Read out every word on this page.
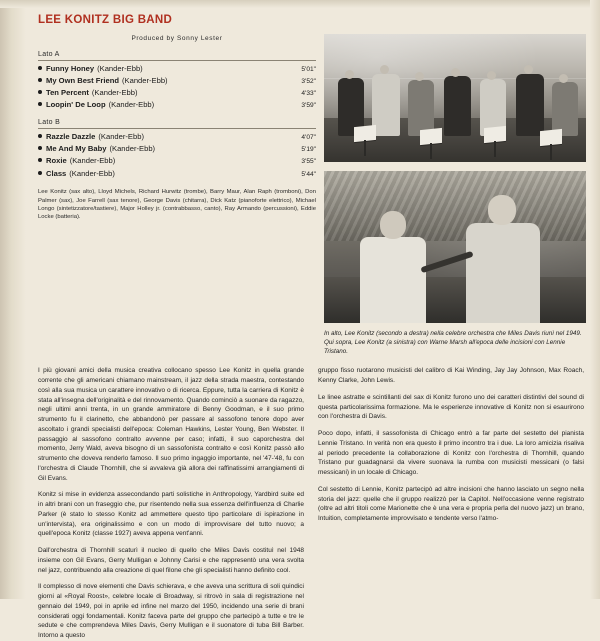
LEE KONITZ BIG BAND
Produced by Sonny Lester
Lato A
Funny Honey (Kander-Ebb)	5'01"
My Own Best Friend (Kander-Ebb)	3'52"
Ten Percent (Kander-Ebb)	4'33"
Loopin' De Loop (Kander-Ebb)	3'59"
Lato B
Razzle Dazzle (Kander-Ebb)	4'07"
Me And My Baby (Kander-Ebb)	5'19"
Roxie (Kander-Ebb)	3'55"
Class (Kander-Ebb)	5'44"
Lee Konitz (sax alto), Lloyd Michels, Richard Hurwitz (trombe), Barry Maur, Alan Raph (tromboni), Don Palmer (sax), Joe Farrell (sax tenore), George Davis (chitarra), Dick Katz (pianoforte elettrico), Michael Longo (sintetizzatore/tastiere), Major Holley jr. (contrabbasso, canto), Ray Armando (percussioni), Eddie Locke (batteria).
In alto, Lee Konitz (secondo a destra) nella celebre orchestra che Miles Davis riunì nel 1949. Qui sopra, Lee Konitz (a sinistra) con Warne Marsh all'epoca delle incisioni con Lennie Tristano.

I più giovani amici della musica creativa collocano spesso Lee Konitz in quella grande corrente che gli americani chiamano mainstream, il jazz della strada maestra, contestando così alla sua musica un carattere innovativo o di ricerca. Eppure, tutta la carriera di Konitz è stata all'insegna dell'originalità e del rinnovamento. Quando cominciò a suonare da ragazzo, negli ultimi anni trenta, in un grande ammiratore di Benny Goodman, e il suo primo strumento fu il clarinetto, che abbandonò per passare al sassofono tenore dopo aver ascoltato i grandi specialisti dell'epoca: Coleman Hawkins, Lester Young, Ben Webster. Il passaggio al sassofono contralto avvenne per caso; infatti, il suo caporchestra del momento, Jerry Wald, aveva bisogno di un sassofonista contralto e così Konitz passò allo strumento che doveva renderlo famoso. Il suo primo ingaggio importante, nel '47-'48, fu con l'orchestra di Claude Thornhill, che si avvaleva già allora dei raffinatissimi arrangiamenti di Gil Evans.

Konitz si mise in evidenza assecondando parti solistiche in Anthropology, Yardbird suite ed in altri brani con un fraseggio che, pur risentendo nella sua essenza dell'influenza di Charlie Parker (è stato lo stesso Konitz ad ammettere questo tipo particolare di ispirazione in un'intervista), era originalissimo e con un modo di improvvisare del tutto nuovo; a quell'epoca Konitz (classe 1927) aveva appena vent'anni.

Dall'orchestra di Thornhill scaturì il nucleo di quello che Miles Davis costituì nel 1948 insieme con Gil Evans, Gerry Mulligan e Johnny Carisi e che rappresentò una vera svolta nel jazz, contribuendo alla creazione di quel filone che gli specialisti hanno definito cool.

Il complesso di nove elementi che Davis schierava, e che aveva una scrittura di soli quindici giorni al «Royal Roost», celebre locale di Broadway, si ritrovò in sala di registrazione nel gennaio del 1949, poi in aprile ed infine nel marzo del 1950, incidendo una serie di brani considerati oggi fondamentali. Konitz faceva parte del gruppo che partecipò a tutte e tre le sedute e che comprendeva Miles Davis, Gerry Mulligan e il suonatore di tuba Bill Barber. Intorno a questo

gruppo fisso ruotarono musicisti del calibro di Kai Winding, Jay Jay Johnson, Max Roach, Kenny Clarke, John Lewis.

Le linee astratte e scintillanti del sax di Konitz furono uno dei caratteri distintivi del sound di questa particolarissima formazione. Ma le esperienze innovative di Konitz non si esaurirono con l'orchestra di Davis.

Poco dopo, infatti, il sassofonista di Chicago entrò a far parte del sestetto del pianista Lennie Tristano. In verità non era questo il primo incontro tra i due. La loro amicizia risaliva al periodo precedente la collaborazione di Konitz con l'orchestra di Thornhill, quando Tristano pur guadagnarsi da vivere suonava la rumba con musicisti messicani (o falsi messicani) in un locale di Chicago.

Col sestetto di Lennie, Konitz partecipò ad altre incisioni che hanno lasciato un segno nella storia del jazz: quelle che il gruppo realizzò per la Capitol. Nell'occasione venne registrato (oltre ad altri titoli come Marionette che è una vera e propria perla del nuovo jazz) un brano, Intuition, completamente improvvisato e tendente verso l'atmo-
